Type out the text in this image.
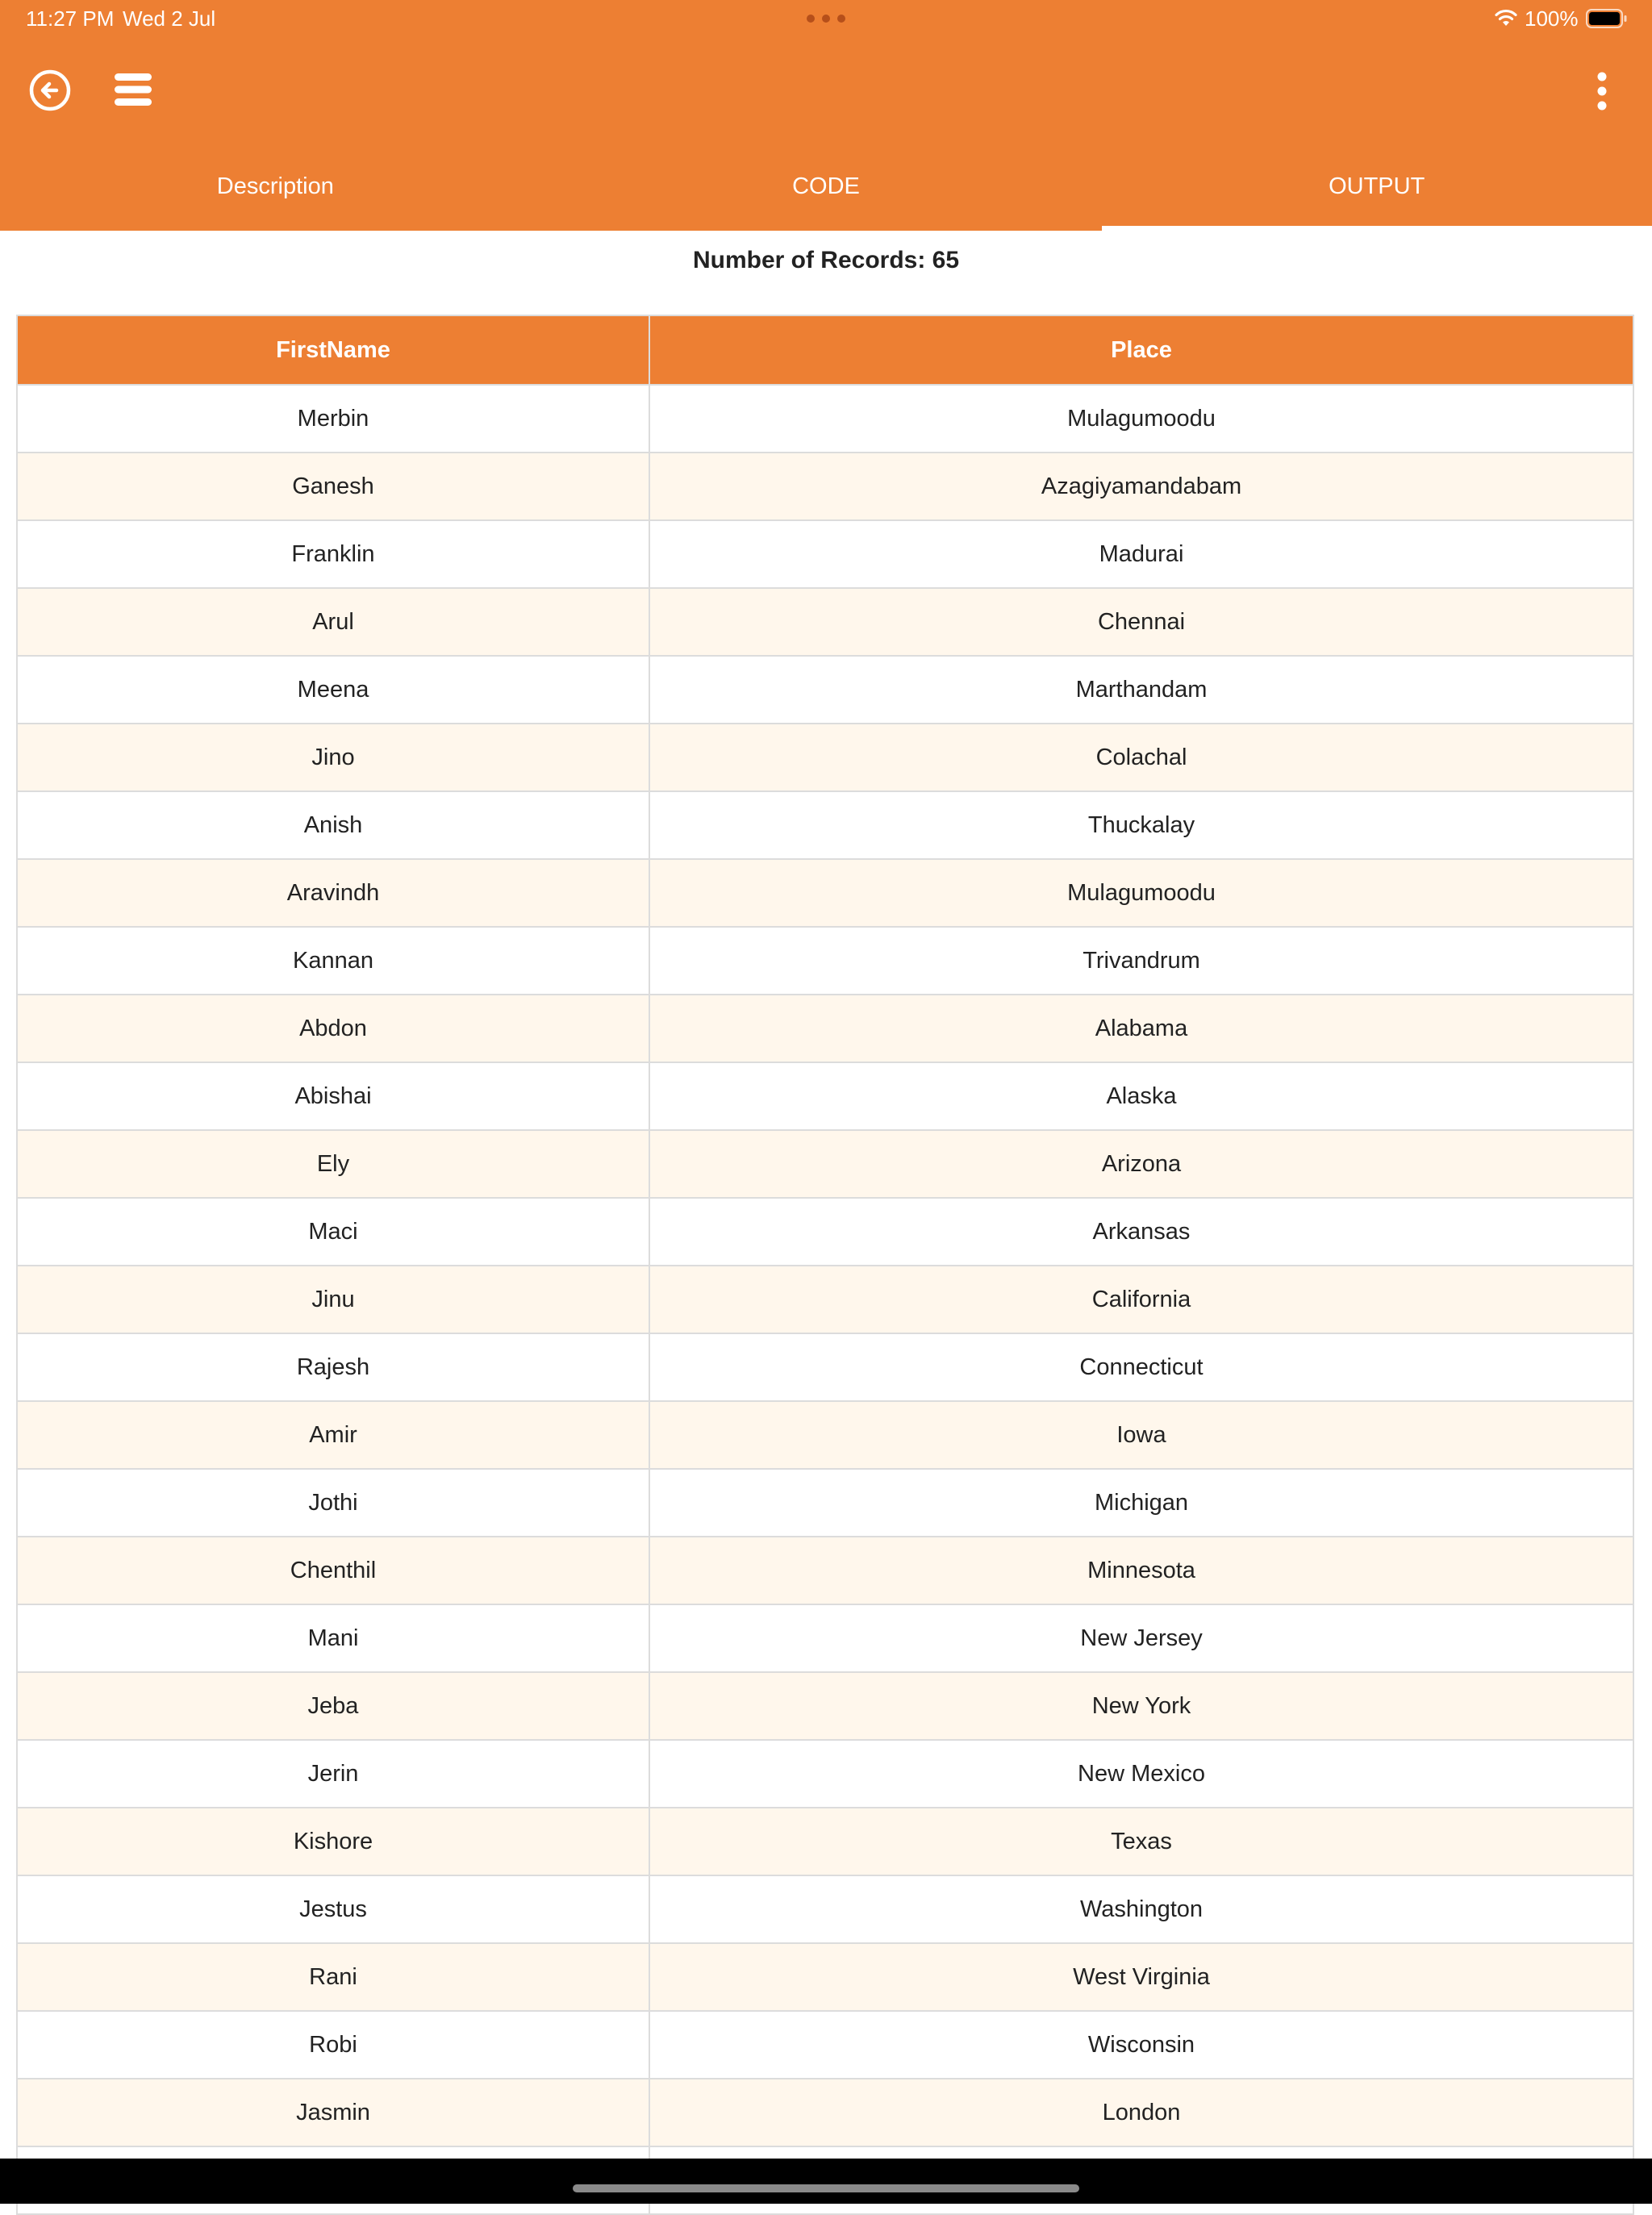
11:27 PM Wed 2 Jul	100%
Description	CODE	OUTPUT
Number of Records: 65
FirstName	Place
Merbin	Mulagumoodu
Ganesh	Azagiyamandabam
Franklin	Madurai
Arul	Chennai
Meena	Marthandam
Jino	Colachal
Anish	Thuckalay
Aravindh	Mulagumoodu
Kannan	Trivandrum
Abdon	Alabama
Abishai	Alaska
Ely	Arizona
Maci	Arkansas
Jinu	California
Rajesh	Connecticut
Amir	Iowa
Jothi	Michigan
Chenthil	Minnesota
Mani	New Jersey
Jeba	New York
Jerin	New Mexico
Kishore	Texas
Jestus	Washington
Rani	West Virginia
Robi	Wisconsin
Jasmin	London
